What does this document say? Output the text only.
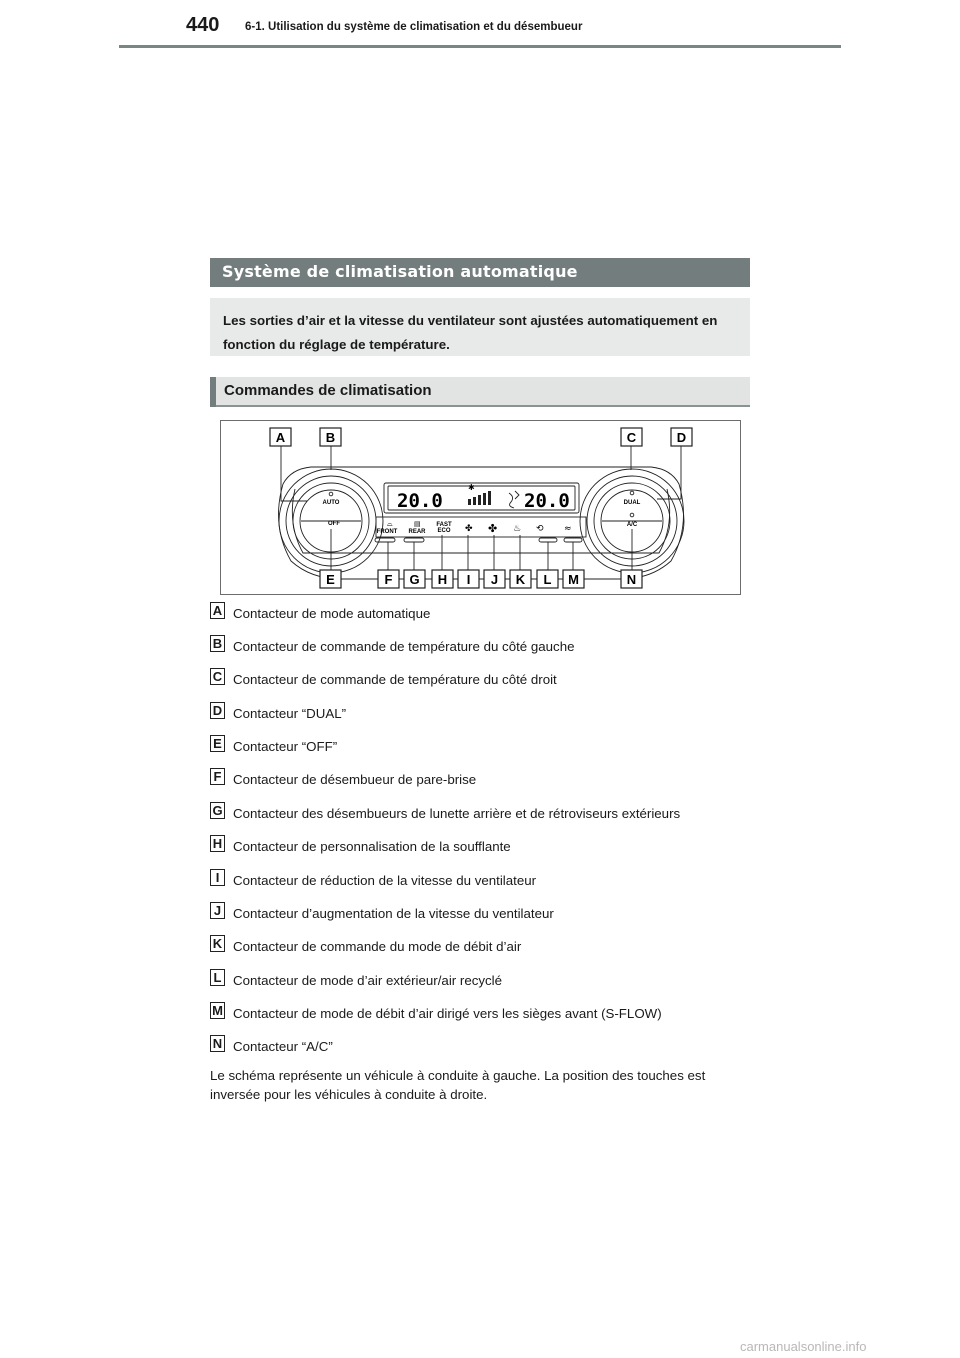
440 6-1. Utilisation du système de climatisation et du désembueur
Système de climatisation automatique
Les sorties d’air et la vitesse du ventilateur sont ajustées automatiquement en fonction du réglage de température.
Commandes de climatisation
AUTO
OFF
DUAL
A/C
20.0	20.0
✱
⌓
FRONT
▤
REAR
FAST
ECO ✤ ✤ ♨ ⟲ ≈
A	B	C	D
E	F G H I J K L M	N
A Contacteur de mode automatique
B Contacteur de commande de température du côté gauche
C Contacteur de commande de température du côté droit
D Contacteur “DUAL”
E Contacteur “OFF”
F Contacteur de désembueur de pare-brise
G Contacteur des désembueurs de lunette arrière et de rétroviseurs extérieurs
H Contacteur de personnalisation de la soufflante
I	Contacteur de réduction de la vitesse du ventilateur
J Contacteur d’augmentation de la vitesse du ventilateur
K Contacteur de commande du mode de débit d’air
L Contacteur de mode d’air extérieur/air recyclé
M Contacteur de mode de débit d’air dirigé vers les sièges avant (S-FLOW)
N Contacteur “A/C”
Le schéma représente un véhicule à conduite à gauche. La position des touches est inversée pour les véhicules à conduite à droite.
carmanualsonline.info
